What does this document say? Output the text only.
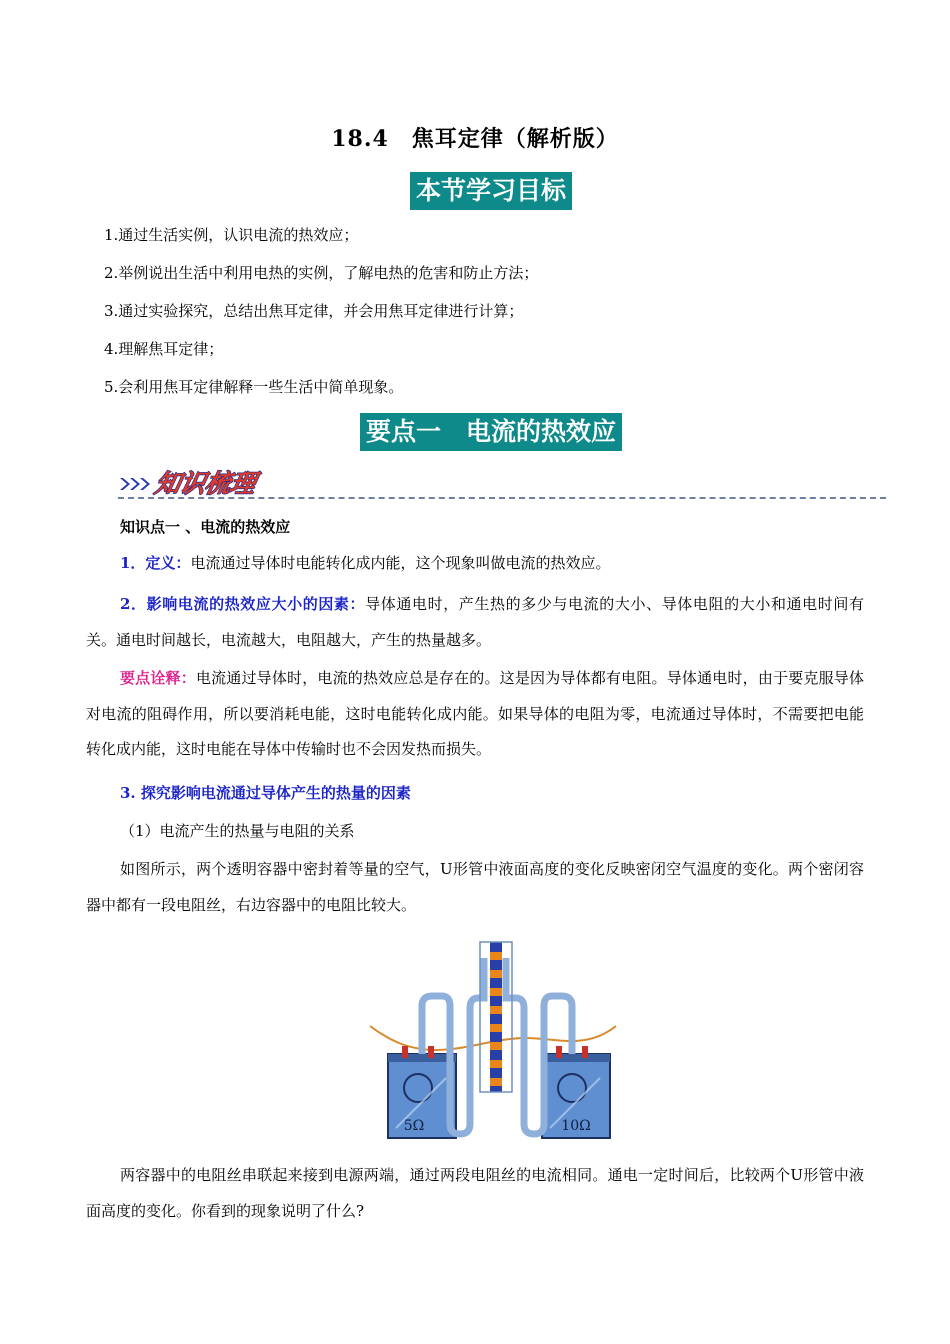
18.4　焦耳定律（解析版）
本节学习目标
1.通过生活实例，认识电流的热效应；
2.举例说出生活中利用电热的实例，了解电热的危害和防止方法；
3.通过实验探究，总结出焦耳定律，并会用焦耳定律进行计算；
4.理解焦耳定律；
5.会利用焦耳定律解释一些生活中简单现象。
要点一　电流的热效应
知识梳理
知识点一 、电流的热效应
1．定义：电流通过导体时电能转化成内能，这个现象叫做电流的热效应。
2．影响电流的热效应大小的因素：导体通电时，产生热的多少与电流的大小、导体电阻的大小和通电时间有关。通电时间越长，电流越大，电阻越大，产生的热量越多。
要点诠释：电流通过导体时，电流的热效应总是存在的。这是因为导体都有电阻。导体通电时，由于要克服导体对电流的阻碍作用，所以要消耗电能，这时电能转化成内能。如果导体的电阻为零，电流通过导体时，不需要把电能转化成内能，这时电能在导体中传输时也不会因发热而损失。
3. 探究影响电流通过导体产生的热量的因素
（1）电流产生的热量与电阻的关系
如图所示，两个透明容器中密封着等量的空气，U形管中液面高度的变化反映密闭空气温度的变化。两个密闭容器中都有一段电阻丝，右边容器中的电阻比较大。
5Ω	10Ω
两容器中的电阻丝串联起来接到电源两端，通过两段电阻丝的电流相同。通电一定时间后，比较两个U形管中液面高度的变化。你看到的现象说明了什么?
